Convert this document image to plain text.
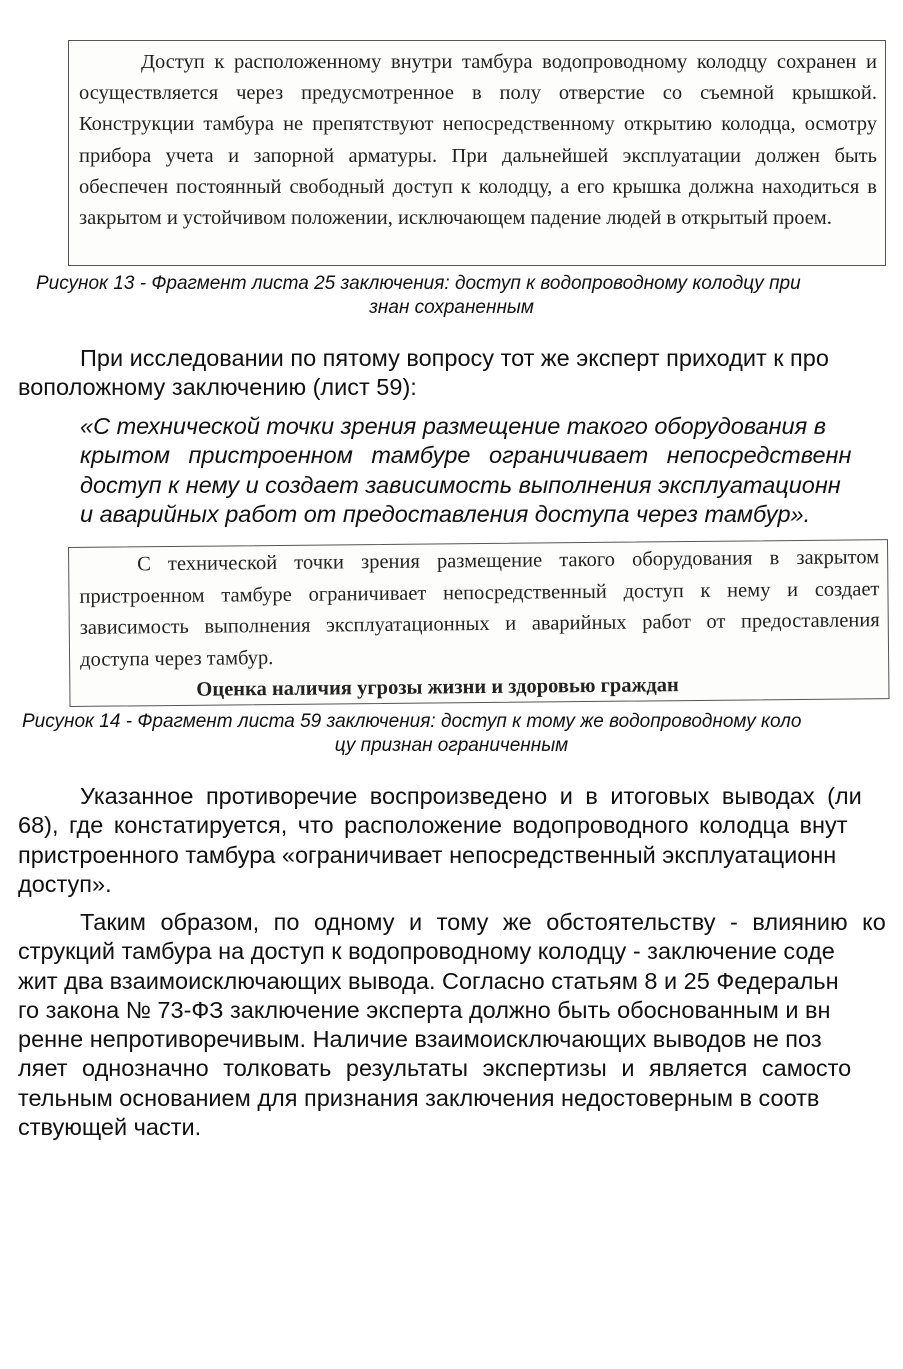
Доступ к расположенному внутри тамбура водопроводному колодцу сохранен и осуществляется через предусмотренное в полу отверстие со съемной крышкой. Конструкции тамбура не препятствуют непосредственному открытию колодца, осмотру прибора учета и запорной арматуры. При дальнейшей эксплуатации должен быть обеспечен постоянный свободный доступ к колодцу, а его крышка должна находиться в закрытом и устойчивом положении, исключающем падение людей в открытый проем.

Рисунок 13 - Фрагмент листа 25 заключения: доступ к водопроводному колодцу при
знан сохраненным
При исследовании по пятому вопросу тот же эксперт приходит к про
воположному заключению (лист 59):
«С технической точки зрения размещение такого оборудования в
крытом пристроенном тамбуре ограничивает непосредственн
доступ к нему и создает зависимость выполнения эксплуатационн
и аварийных работ от предоставления доступа через тамбур».

С технической точки зрения размещение такого оборудования в закрытом пристроенном тамбуре ограничивает непосредственный доступ к нему и создает зависимость выполнения эксплуатационных и аварийных работ от предоставления доступа через тамбур.

Оценка наличия угрозы жизни и здоровью граждан

Рисунок 14 - Фрагмент листа 59 заключения: доступ к тому же водопроводному коло
цу признан ограниченным
Указанное противоречие воспроизведено и в итоговых выводах (ли
68), где констатируется, что расположение водопроводного колодца внут
пристроенного тамбура «ограничивает непосредственный эксплуатационн
доступ».
Таким образом, по одному и тому же обстоятельству - влиянию ко
струкций тамбура на доступ к водопроводному колодцу - заключение соде
жит два взаимоисключающих вывода. Согласно статьям 8 и 25 Федеральн
го закона № 73-ФЗ заключение эксперта должно быть обоснованным и вн
ренне непротиворечивым. Наличие взаимоисключающих выводов не поз
ляет однозначно толковать результаты экспертизы и является самосто
тельным основанием для признания заключения недостоверным в соотв
ствующей части.
